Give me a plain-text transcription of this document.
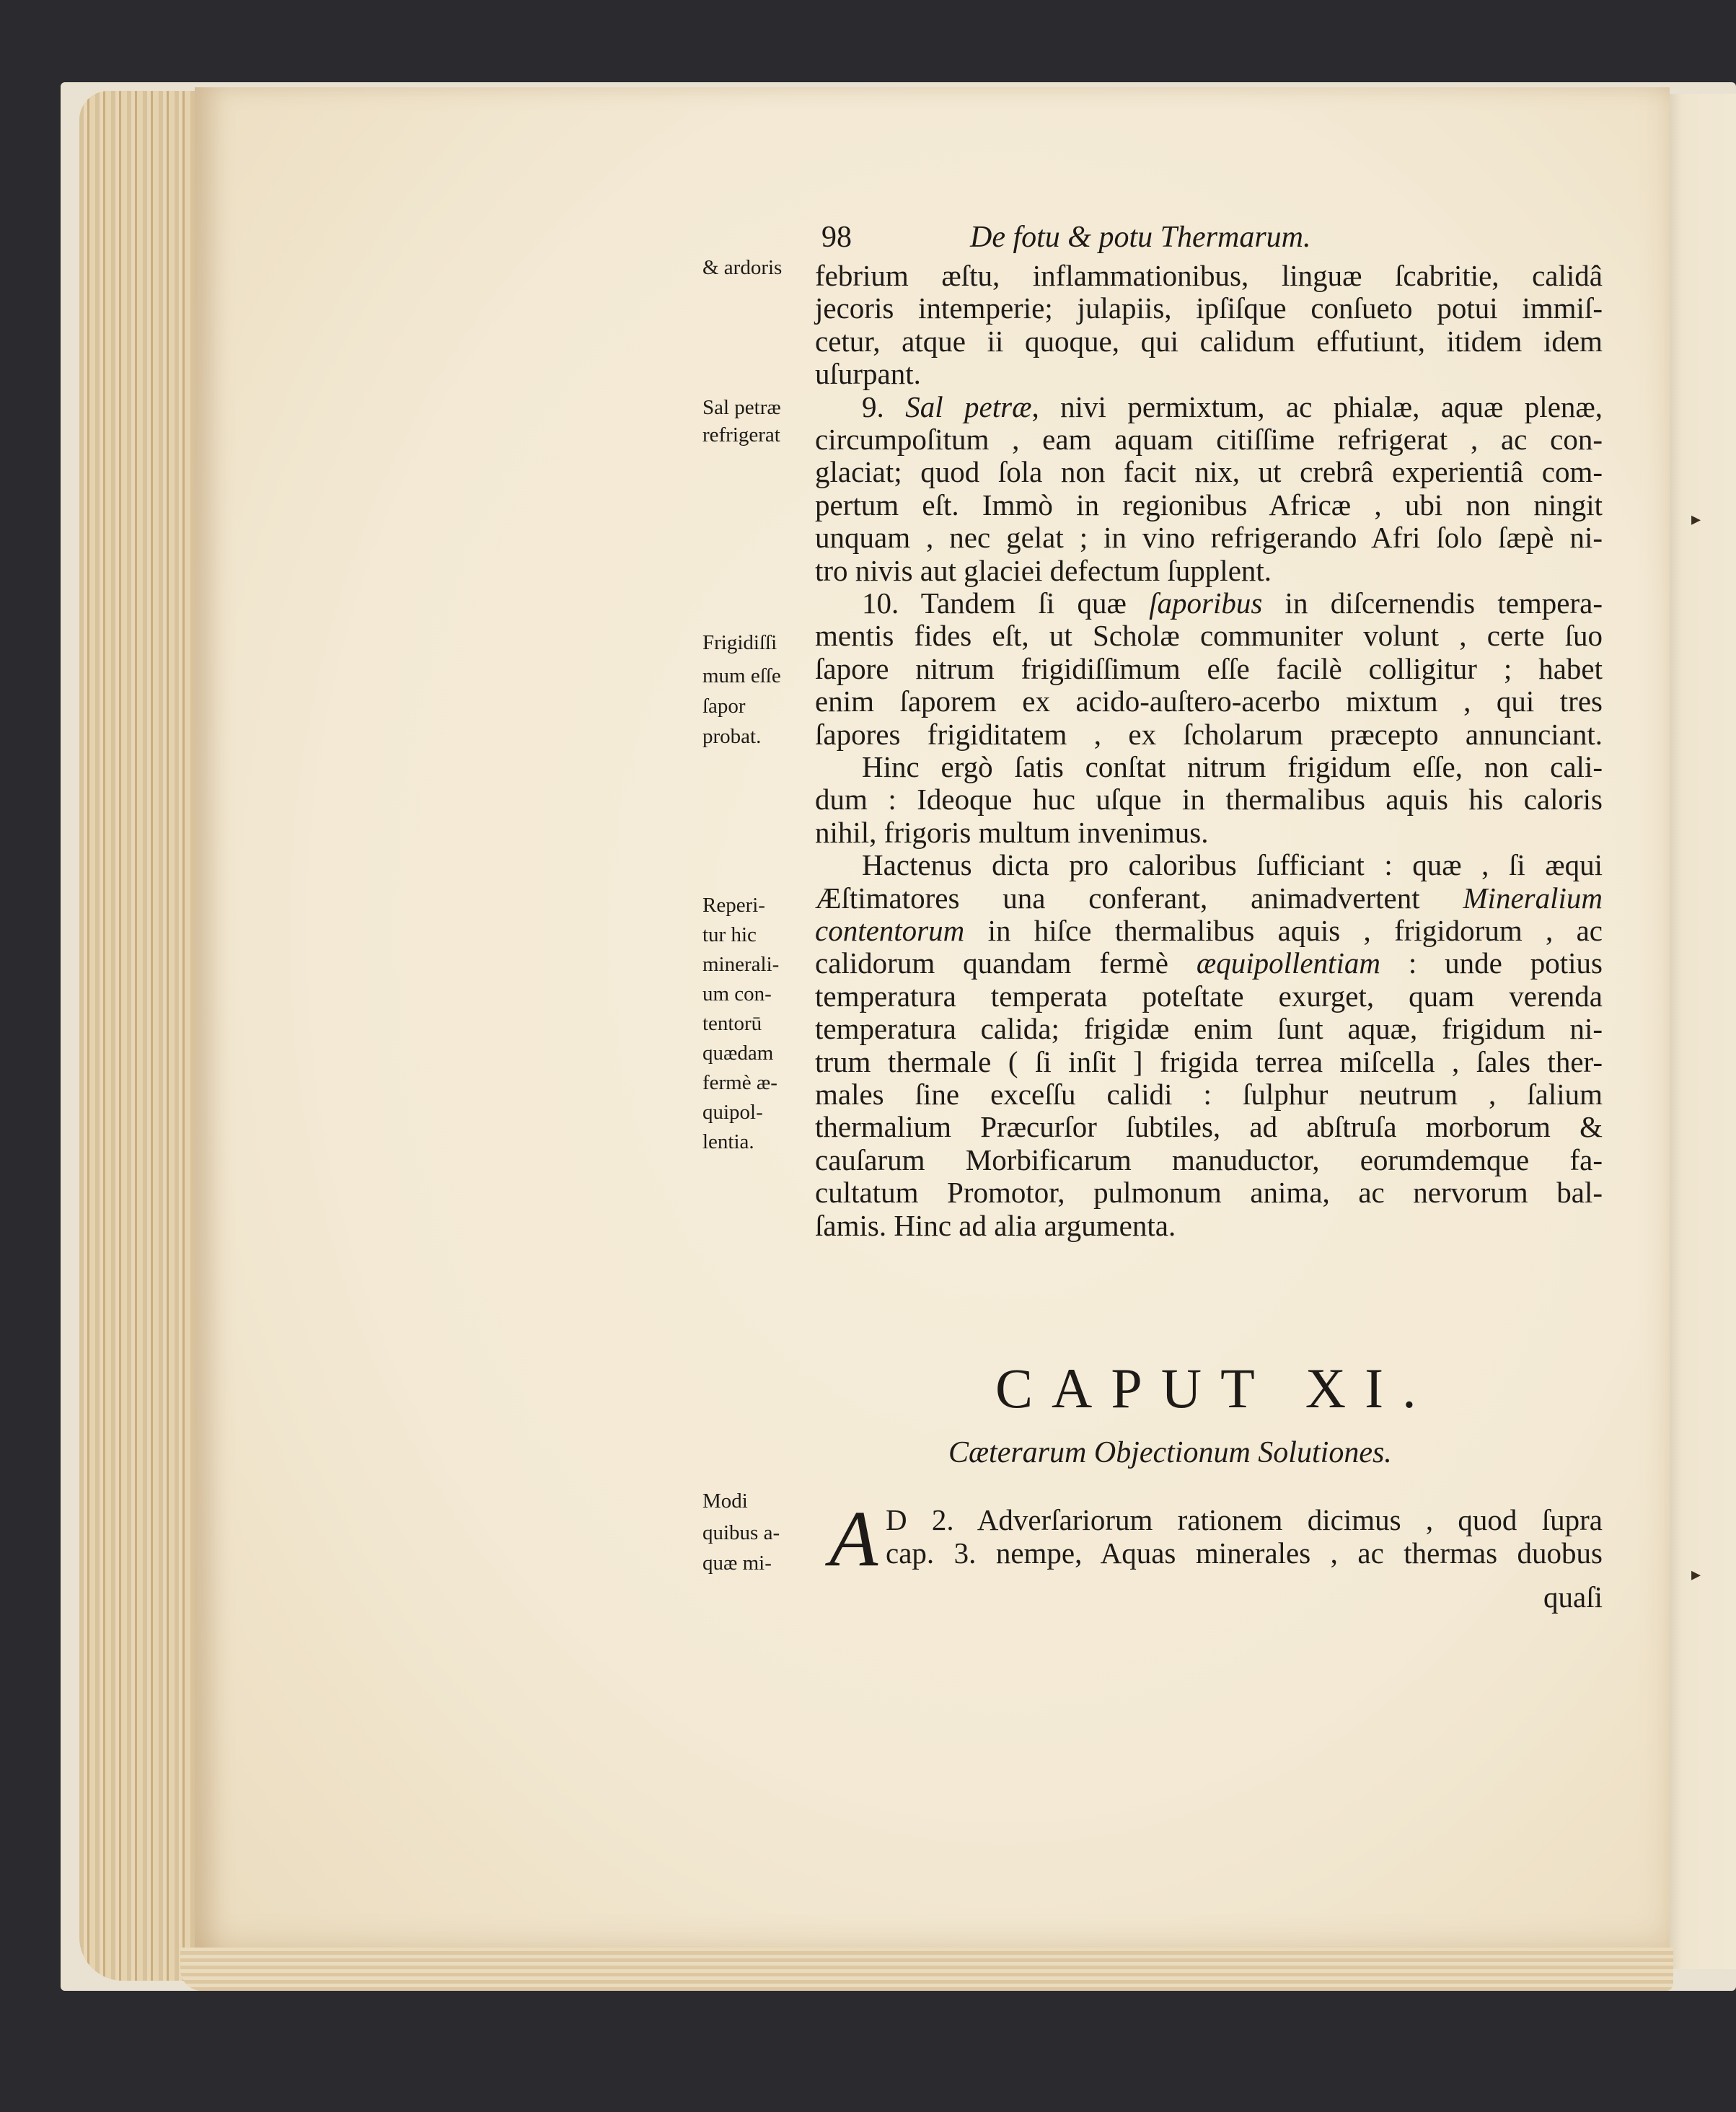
▸
▸
98	De fotu & potu Thermarum.
febrium æſtu, inflammationibus, linguæ ſcabritie, calidâ
jecoris intemperie; julapiis, ipſiſque conſueto potui immiſ-
cetur, atque ii quoque, qui calidum effutiunt, itidem idem
uſurpant.
9. Sal petræ, nivi permixtum, ac phialæ, aquæ plenæ,
circumpoſitum , eam aquam citiſſime refrigerat , ac con-
glaciat; quod ſola non facit nix, ut crebrâ experientiâ com-
pertum eſt. Immò in regionibus Africæ , ubi non ningit
unquam , nec gelat ; in vino refrigerando Afri ſolo ſæpè ni-
tro nivis aut glaciei defectum ſupplent.
10. Tandem ſi quæ ſaporibus in diſcernendis tempera-
mentis fides eſt, ut Scholæ communiter volunt , certe ſuo
ſapore nitrum frigidiſſimum eſſe facilè colligitur ; habet
enim ſaporem ex acido-auſtero-acerbo mixtum , qui tres
ſapores frigiditatem , ex ſcholarum præcepto annunciant.
Hinc ergò ſatis conſtat nitrum frigidum eſſe, non cali-
dum : Ideoque huc uſque in thermalibus aquis his caloris
nihil, frigoris multum invenimus.
Hactenus dicta pro caloribus ſufficiant : quæ , ſi æqui
Æſtimatores una conferant, animadvertent Mineralium
contentorum in hiſce thermalibus aquis , frigidorum , ac
calidorum quandam fermè æquipollentiam : unde potius
temperatura temperata poteſtate exurget, quam verenda
temperatura calida; frigidæ enim ſunt aquæ, frigidum ni-
trum thermale ( ſi inſit ] frigida terrea miſcella , ſales ther-
males ſine exceſſu calidi : ſulphur neutrum , ſalium
thermalium Præcurſor ſubtiles, ad abſtruſa morborum &
cauſarum Morbificarum manuductor, eorumdemque fa-
cultatum Promotor, pulmonum anima, ac nervorum bal-
ſamis. Hinc ad alia argumenta.
& ardoris
Sal petræ
refrigerat
Frigidiſſi
mum eſſe
ſapor
probat.
Reperi-
tur hic
minerali-
um con-
tentorū
quædam
fermè æ-
quipol-
lentia.
Modi
quibus a-
quæ mi-
CAPUT XI.
Cæterarum Objectionum Solutiones.
A D 2. Adverſariorum rationem dicimus , quod ſupra
cap. 3. nempe, Aquas minerales , ac thermas duobus
quaſi
